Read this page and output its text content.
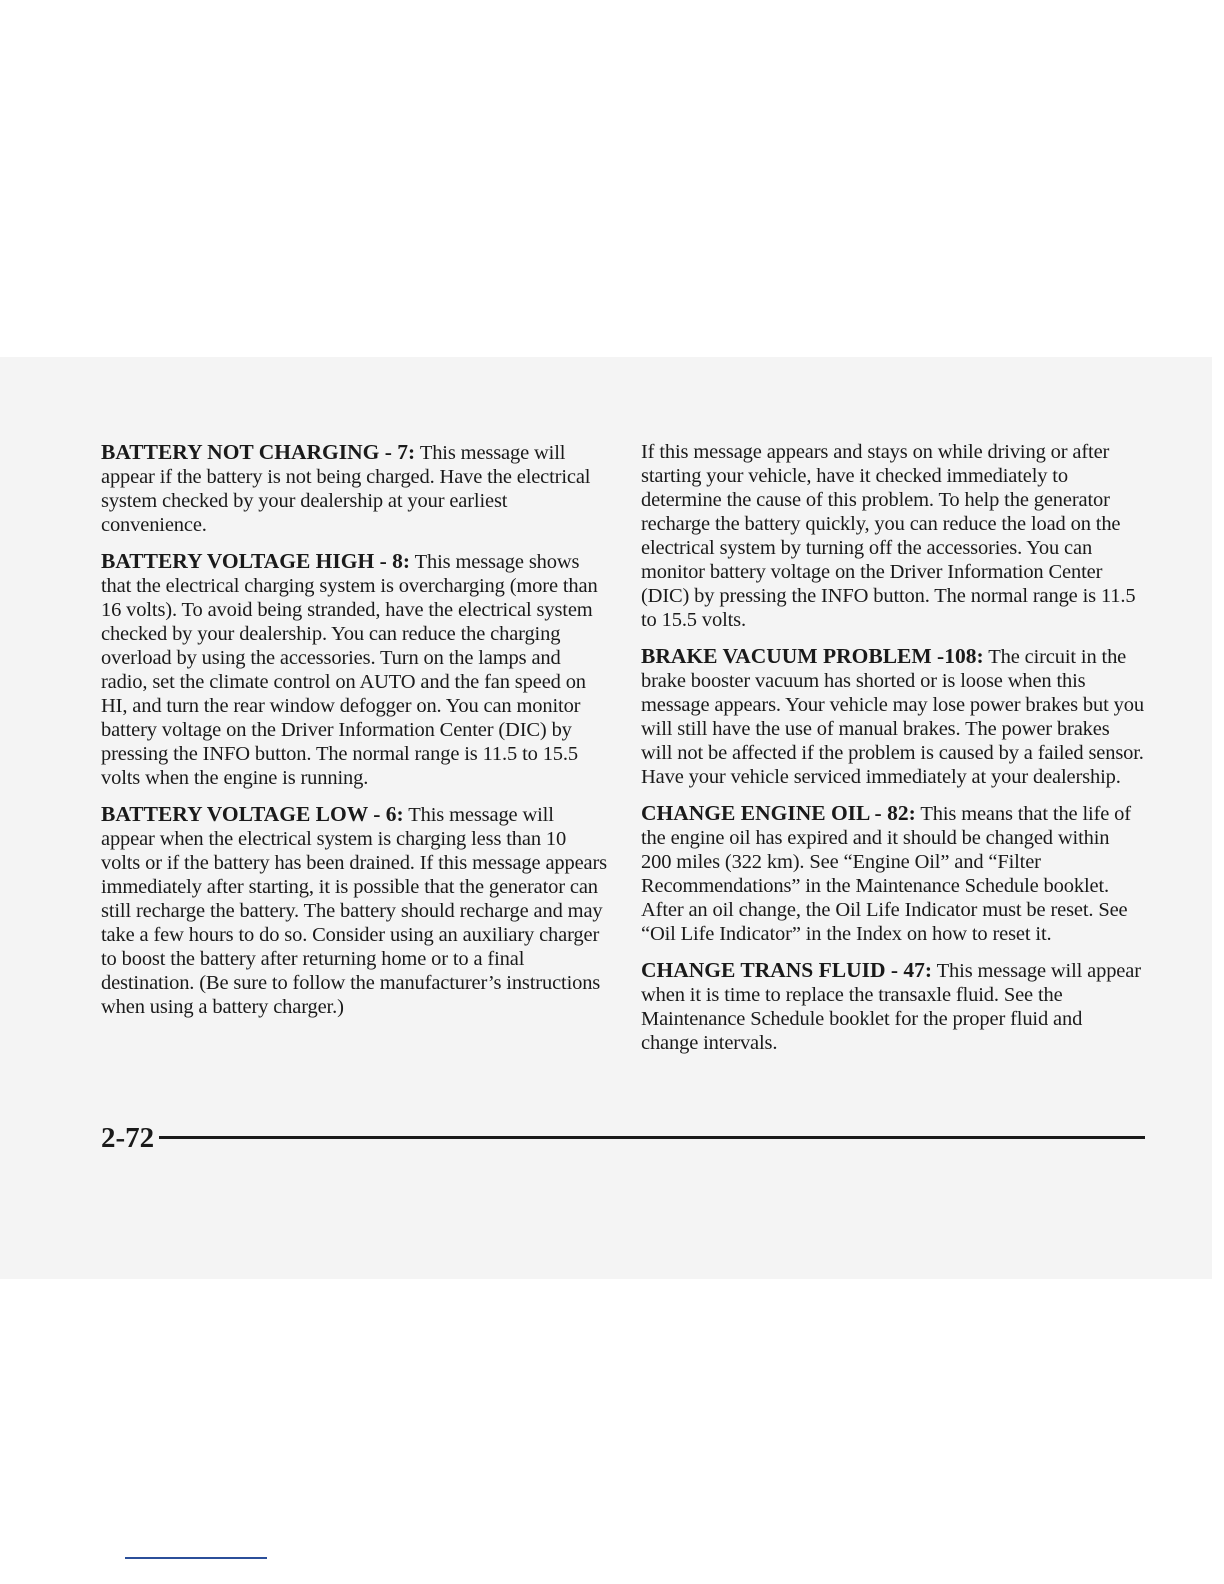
BATTERY NOT CHARGING - 7: This message will appear if the battery is not being charged. Have the electrical system checked by your dealership at your earliest convenience.

BATTERY VOLTAGE HIGH - 8: This message shows that the electrical charging system is overcharging (more than 16 volts). To avoid being stranded, have the electrical system checked by your dealership. You can reduce the charging overload by using the accessories. Turn on the lamps and radio, set the climate control on AUTO and the fan speed on HI, and turn the rear window defogger on. You can monitor battery voltage on the Driver Information Center (DIC) by pressing the INFO button. The normal range is 11.5 to 15.5 volts when the engine is running.

BATTERY VOLTAGE LOW - 6: This message will appear when the electrical system is charging less than 10 volts or if the battery has been drained. If this message appears immediately after starting, it is possible that the generator can still recharge the battery. The battery should recharge and may take a few hours to do so. Consider using an auxiliary charger to boost the battery after returning home or to a final destination. (Be sure to follow the manufacturer’s instructions when using a battery charger.)

If this message appears and stays on while driving or after starting your vehicle, have it checked immediately to determine the cause of this problem. To help the generator recharge the battery quickly, you can reduce the load on the electrical system by turning off the accessories. You can monitor battery voltage on the Driver Information Center (DIC) by pressing the INFO button. The normal range is 11.5 to 15.5 volts.

BRAKE VACUUM PROBLEM -108: The circuit in the brake booster vacuum has shorted or is loose when this message appears. Your vehicle may lose power brakes but you will still have the use of manual brakes. The power brakes will not be affected if the problem is caused by a failed sensor. Have your vehicle serviced immediately at your dealership.

CHANGE ENGINE OIL - 82: This means that the life of the engine oil has expired and it should be changed within 200 miles (322 km). See “Engine Oil” and “Filter Recommendations” in the Maintenance Schedule booklet. After an oil change, the Oil Life Indicator must be reset. See “Oil Life Indicator” in the Index on how to reset it.

CHANGE TRANS FLUID - 47: This message will appear when it is time to replace the transaxle fluid. See the Maintenance Schedule booklet for the proper fluid and change intervals.

2-72
